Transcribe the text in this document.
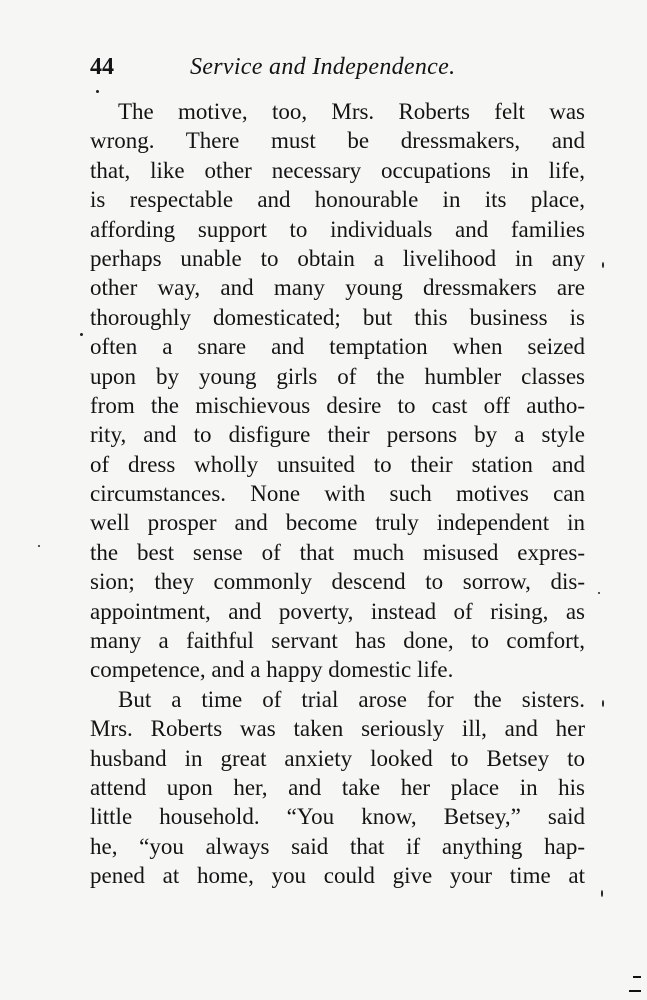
44	Service and Independence.
The motive, too, Mrs. Roberts felt was
wrong. There must be dressmakers, and
that, like other necessary occupations in life,
is respectable and honourable in its place,
affording support to individuals and families
perhaps unable to obtain a livelihood in any
other way, and many young dressmakers are
thoroughly domesticated; but this business is
often a snare and temptation when seized
upon by young girls of the humbler classes
from the mischievous desire to cast off autho-
rity, and to disfigure their persons by a style
of dress wholly unsuited to their station and
circumstances. None with such motives can
well prosper and become truly independent in
the best sense of that much misused expres-
sion; they commonly descend to sorrow, dis-
appointment, and poverty, instead of rising, as
many a faithful servant has done, to comfort,
competence, and a happy domestic life.
But a time of trial arose for the sisters.
Mrs. Roberts was taken seriously ill, and her
husband in great anxiety looked to Betsey to
attend upon her, and take her place in his
little household. “You know, Betsey,” said
he, “you always said that if anything hap-
pened at home, you could give your time at
